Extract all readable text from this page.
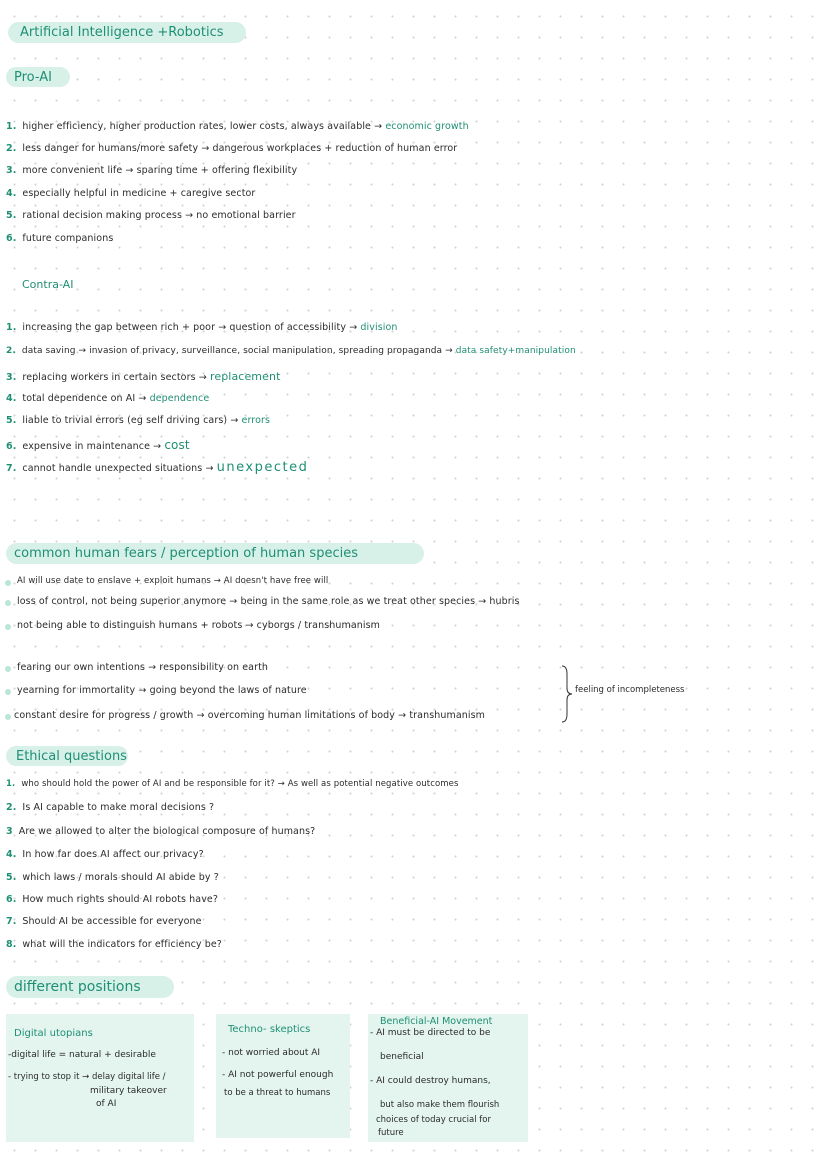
Artificial Intelligence +Robotics
Pro-AI
1. higher efficiency, higher production rates, lower costs, always available → economic growth
2. less danger for humans/more safety → dangerous workplaces + reduction of human error
3. more convenient life → sparing time + offering flexibility
4. especially helpful in medicine + caregive sector
5. rational decision making process → no emotional barrier
6. future companions
Contra-AI
1. increasing the gap between rich + poor → question of accessibility → division
2. data saving → invasion of privacy, surveillance, social manipulation, spreading propaganda → data safety+manipulation
3. replacing workers in certain sectors → replacement
4. total dependence on AI → dependence
5. liable to trivial errors (eg self driving cars) → errors
6. expensive in maintenance → cost
7. cannot handle unexpected situations → unexpected
common human fears / perception of human species
AI will use date to enslave + exploit humans → AI doesn't have free will
loss of control, not being superior anymore → being in the same role as we treat other species → hubris
not being able to distinguish humans + robots → cyborgs / transhumanism
fearing our own intentions → responsibility on earth
yearning for immortality → going beyond the laws of nature
constant desire for progress / growth → overcoming human limitations of body → transhumanism
feeling of incompleteness
Ethical questions
1. who should hold the power of AI and be responsible for it? → As well as potential negative outcomes
2. Is AI capable to make moral decisions ?
3 Are we allowed to alter the biological composure of humans?
4. In how far does AI affect our privacy?
5. which laws / morals should AI abide by ?
6. How much rights should AI robots have?
7. Should AI be accessible for everyone
8. what will the indicators for efficiency be?
different positions
Digital utopians
-digital life = natural + desirable
- trying to stop it → delay digital life /
military takeover
of AI
Techno- skeptics
- not worried about AI
- AI not powerful enough
to be a threat to humans
Beneficial-AI Movement
- AI must be directed to be
beneficial
- AI could destroy humans,
but also make them flourish
choices of today crucial for
future
